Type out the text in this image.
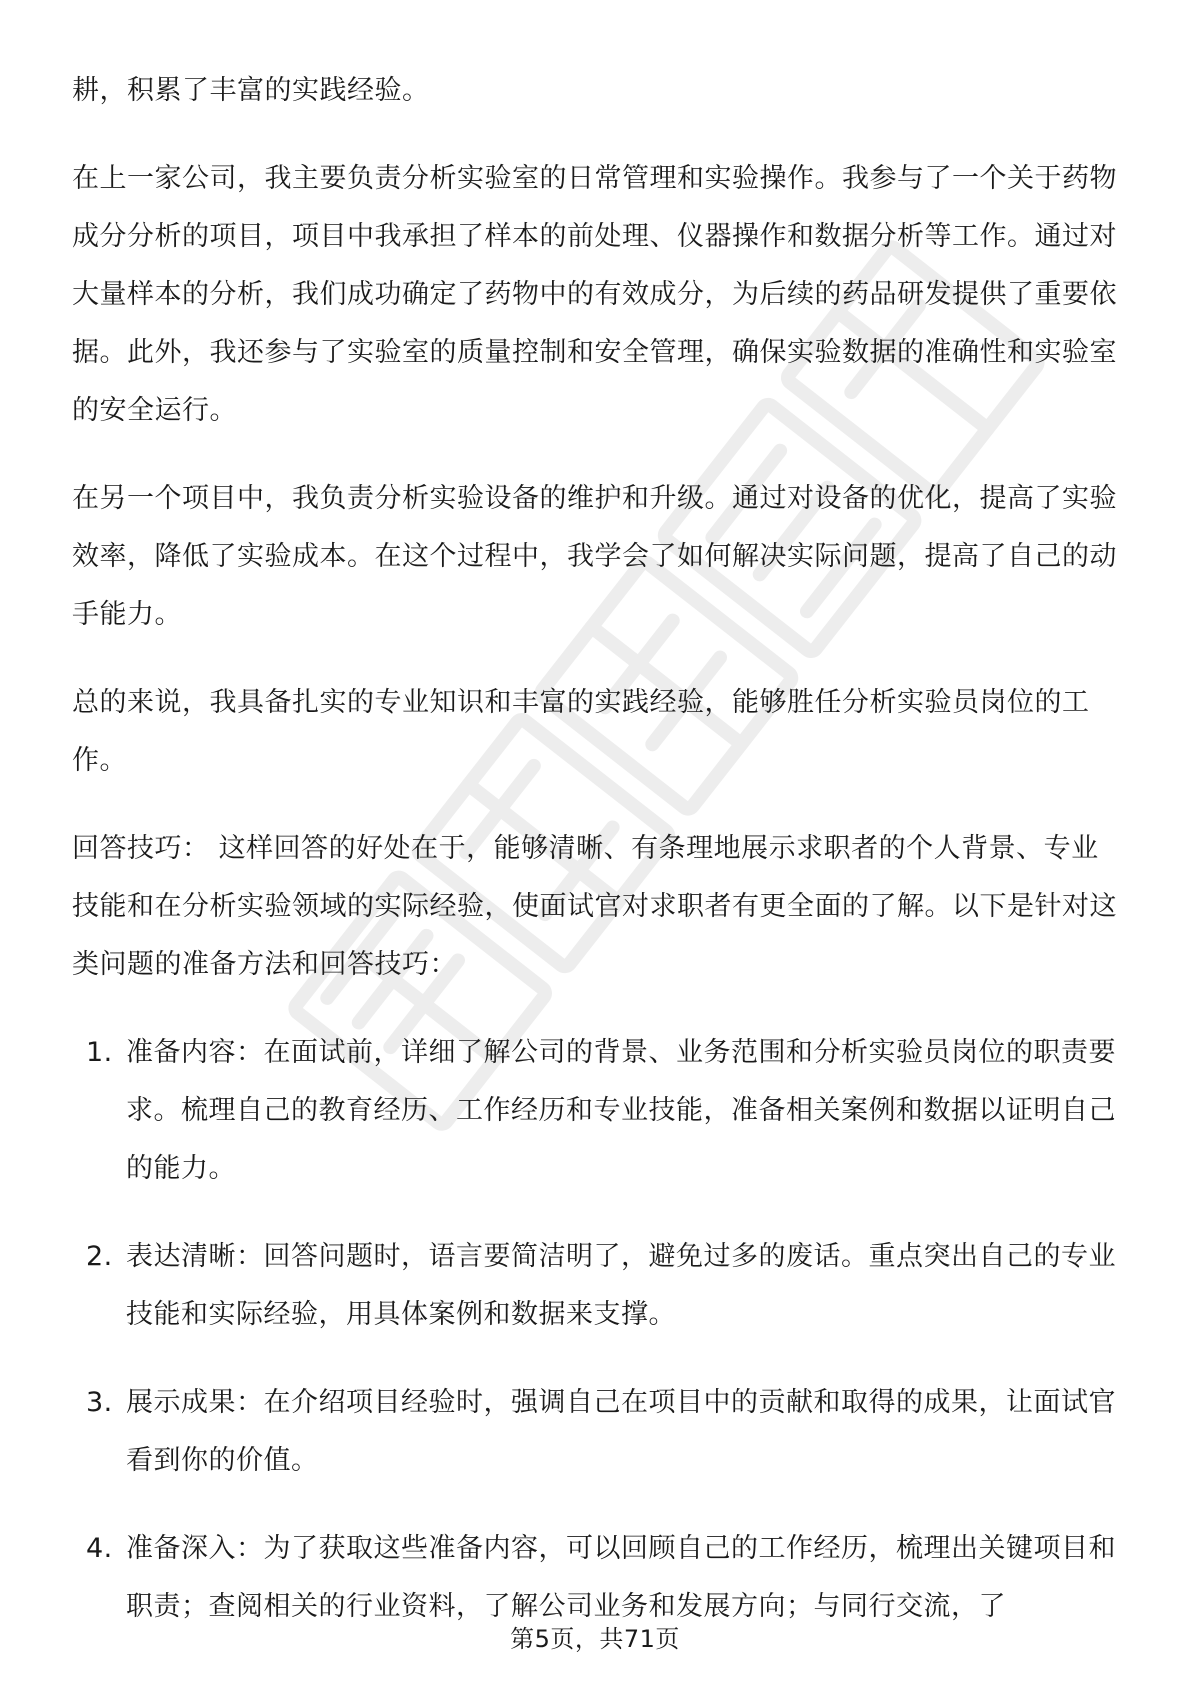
耕，积累了丰富的实践经验。

在上一家公司，我主要负责分析实验室的日常管理和实验操作。我参与了一个关于药物成分分析的项目，项目中我承担了样本的前处理、仪器操作和数据分析等工作。通过对大量样本的分析，我们成功确定了药物中的有效成分，为后续的药品研发提供了重要依据。此外，我还参与了实验室的质量控制和安全管理，确保实验数据的准确性和实验室的安全运行。

在另一个项目中，我负责分析实验设备的维护和升级。通过对设备的优化，提高了实验效率，降低了实验成本。在这个过程中，我学会了如何解决实际问题，提高了自己的动手能力。

总的来说，我具备扎实的专业知识和丰富的实践经验，能够胜任分析实验员岗位的工作。

回答技巧： 这样回答的好处在于，能够清晰、有条理地展示求职者的个人背景、专业技能和在分析实验领域的实际经验，使面试官对求职者有更全面的了解。以下是针对这类问题的准备方法和回答技巧：

1. 准备内容：在面试前，详细了解公司的背景、业务范围和分析实验员岗位的职责要求。梳理自己的教育经历、工作经历和专业技能，准备相关案例和数据以证明自己的能力。
2. 表达清晰：回答问题时，语言要简洁明了，避免过多的废话。重点突出自己的专业技能和实际经验，用具体案例和数据来支撑。
3. 展示成果：在介绍项目经验时，强调自己在项目中的贡献和取得的成果，让面试官看到你的价值。
4. 准备深入：为了获取这些准备内容，可以回顾自己的工作经历，梳理出关键项目和职责；查阅相关的行业资料，了解公司业务和发展方向；与同行交流，了
第5页，共71页
